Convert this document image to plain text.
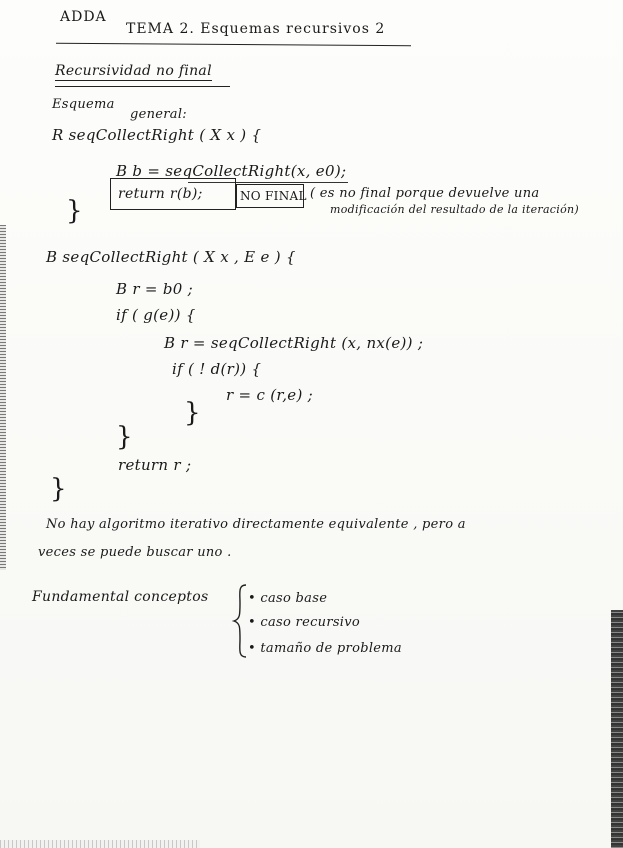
ADDA
TEMA 2. Esquemas recursivos 2
Recursividad no final
Esquema
general:
R seqCollectRight ( X x ) {
B b = seqCollectRight(x, e0);
return r(b);	NO FINAL ( es no final porque devuelve una
modificación del resultado de la iteración)
}
B seqCollectRight ( X x , E e ) {
B r = b0 ;
if ( g(e)) {
B r = seqCollectRight (x, nx(e)) ;
if ( ! d(r)) {
r = c (r,e) ;
}
}
return r ;
}
No hay algoritmo iterativo directamente equivalente , pero a
veces se puede buscar uno .
Fundamental conceptos	• caso base
• caso recursivo
• tamaño de problema
